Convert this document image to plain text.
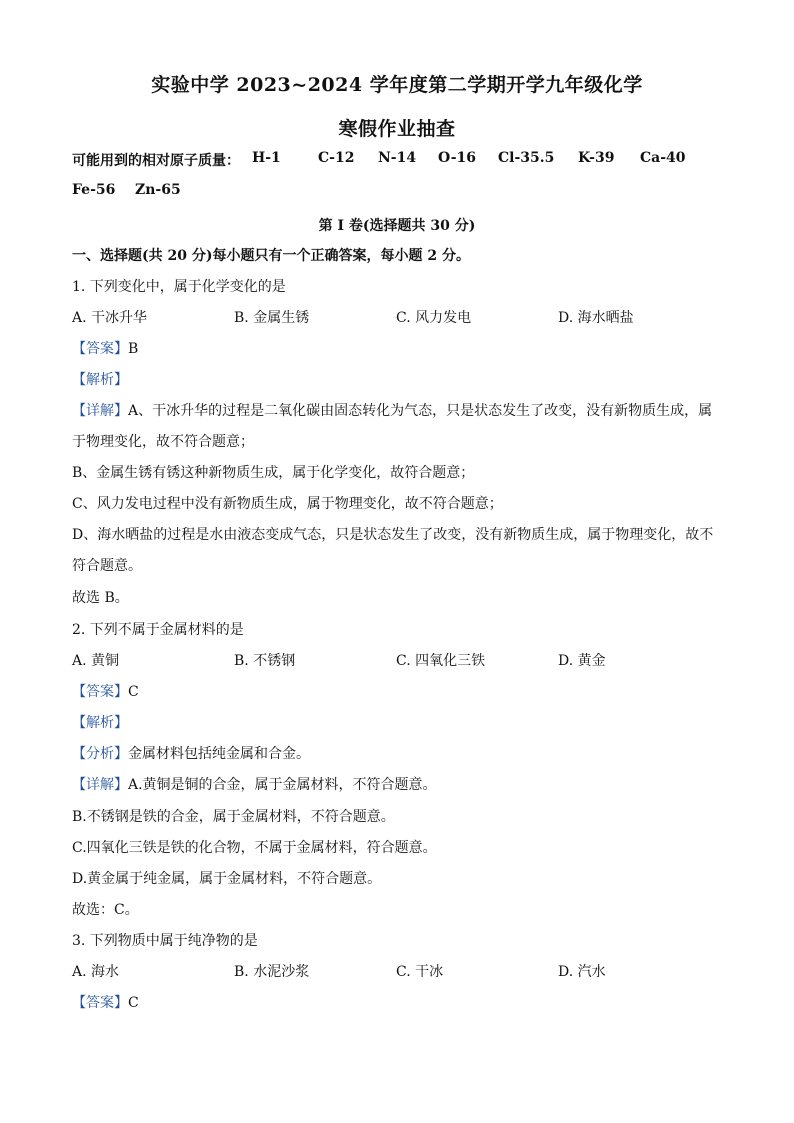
实验中学 2023~2024 学年度第二学期开学九年级化学
寒假作业抽查
可能用到的相对原子质量： H-1	C-12 N-14 O-16 Cl-35.5 K-39 Ca-40
Fe-56 Zn-65
第 I 卷(选择题共 30 分)
一、选择题(共 20 分)每小题只有一个正确答案，每小题 2 分。
1. 下列变化中，属于化学变化的是
A. 干冰升华	B. 金属生锈	C. 风力发电	D. 海水晒盐
【答案】B
【解析】
【详解】A、干冰升华的过程是二氧化碳由固态转化为气态，只是状态发生了改变，没有新物质生成，属
于物理变化，故不符合题意；
B、金属生锈有锈这种新物质生成，属于化学变化，故符合题意；
C、风力发电过程中没有新物质生成，属于物理变化，故不符合题意；
D、海水晒盐的过程是水由液态变成气态，只是状态发生了改变，没有新物质生成，属于物理变化，故不
符合题意。
故选 B。
2. 下列不属于金属材料的是
A. 黄铜	B. 不锈钢	C. 四氧化三铁	D. 黄金
【答案】C
【解析】
【分析】金属材料包括纯金属和合金。
【详解】A.黄铜是铜的合金，属于金属材料，不符合题意。
B.不锈钢是铁的合金，属于金属材料，不符合题意。
C.四氧化三铁是铁的化合物，不属于金属材料，符合题意。
D.黄金属于纯金属，属于金属材料，不符合题意。
故选：C。
3. 下列物质中属于纯净物的是
A. 海水	B. 水泥沙浆	C. 干冰	D. 汽水
【答案】C
